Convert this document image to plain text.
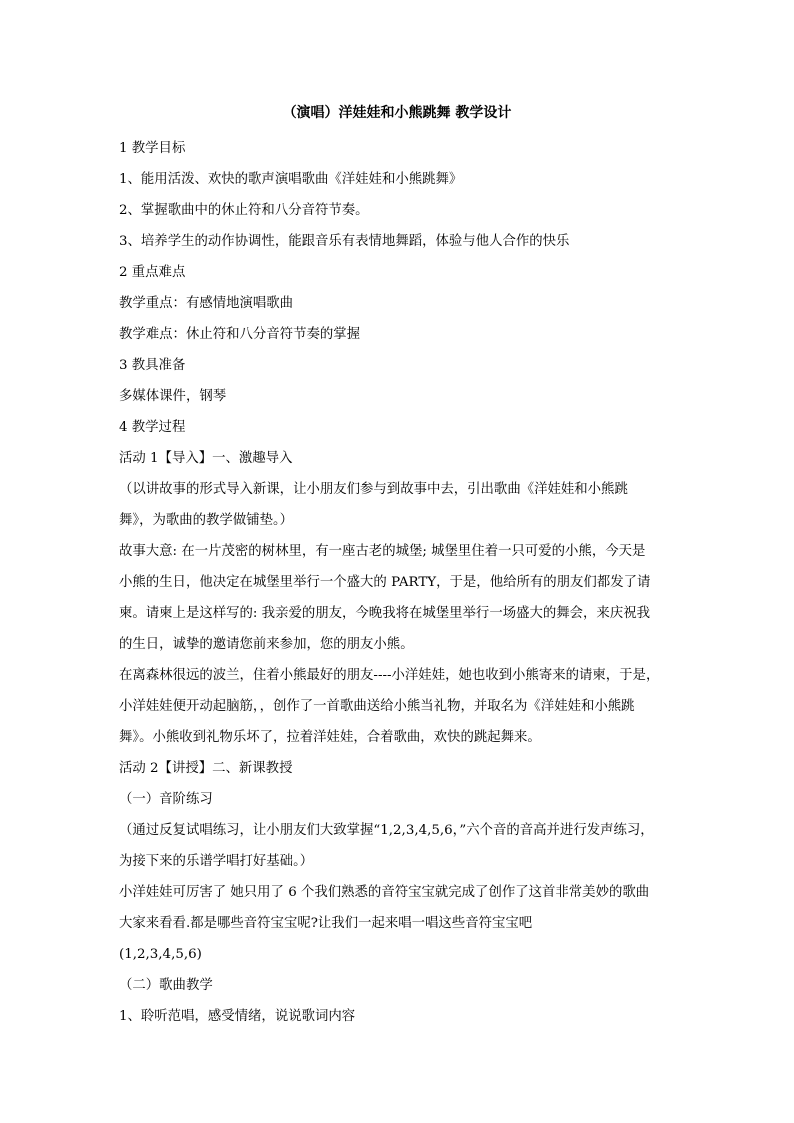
（演唱）洋娃娃和小熊跳舞 教学设计

1 教学目标

1、能用活泼、欢快的歌声演唱歌曲《洋娃娃和小熊跳舞》

2、掌握歌曲中的休止符和八分音符节奏。

3、培养学生的动作协调性，能跟音乐有表情地舞蹈，体验与他人合作的快乐

2 重点难点

教学重点：有感情地演唱歌曲

教学难点：休止符和八分音符节奏的掌握

3 教具准备

多媒体课件，钢琴

4 教学过程

活动 1【导入】一、激趣导入

（以讲故事的形式导入新课，让小朋友们参与到故事中去，引出歌曲《洋娃娃和小熊跳

舞》，为歌曲的教学做铺垫。）

故事大意: 在一片茂密的树林里，有一座古老的城堡; 城堡里住着一只可爱的小熊，今天是

小熊的生日，他决定在城堡里举行一个盛大的 PARTY，于是，他给所有的朋友们都发了请

柬。请柬上是这样写的: 我亲爱的朋友，今晚我将在城堡里举行一场盛大的舞会，来庆祝我

的生日，诚挚的邀请您前来参加，您的朋友小熊。

在离森林很远的波兰，住着小熊最好的朋友----小洋娃娃，她也收到小熊寄来的请柬，于是，

小洋娃娃便开动起脑筋，，创作了一首歌曲送给小熊当礼物，并取名为《洋娃娃和小熊跳

舞》。小熊收到礼物乐坏了，拉着洋娃娃，合着歌曲，欢快的跳起舞来。

活动 2【讲授】二、新课教授

（一）音阶练习

（通过反复试唱练习，让小朋友们大致掌握“1,2,3,4,5,6，”六个音的音高并进行发声练习，

为接下来的乐谱学唱打好基础。）

小洋娃娃可厉害了 她只用了 6 个我们熟悉的音符宝宝就完成了创作了这首非常美妙的歌曲

大家来看看.都是哪些音符宝宝呢?让我们一起来唱一唱这些音符宝宝吧

(1,2,3,4,5,6)

（二）歌曲教学

1、聆听范唱，感受情绪，说说歌词内容
